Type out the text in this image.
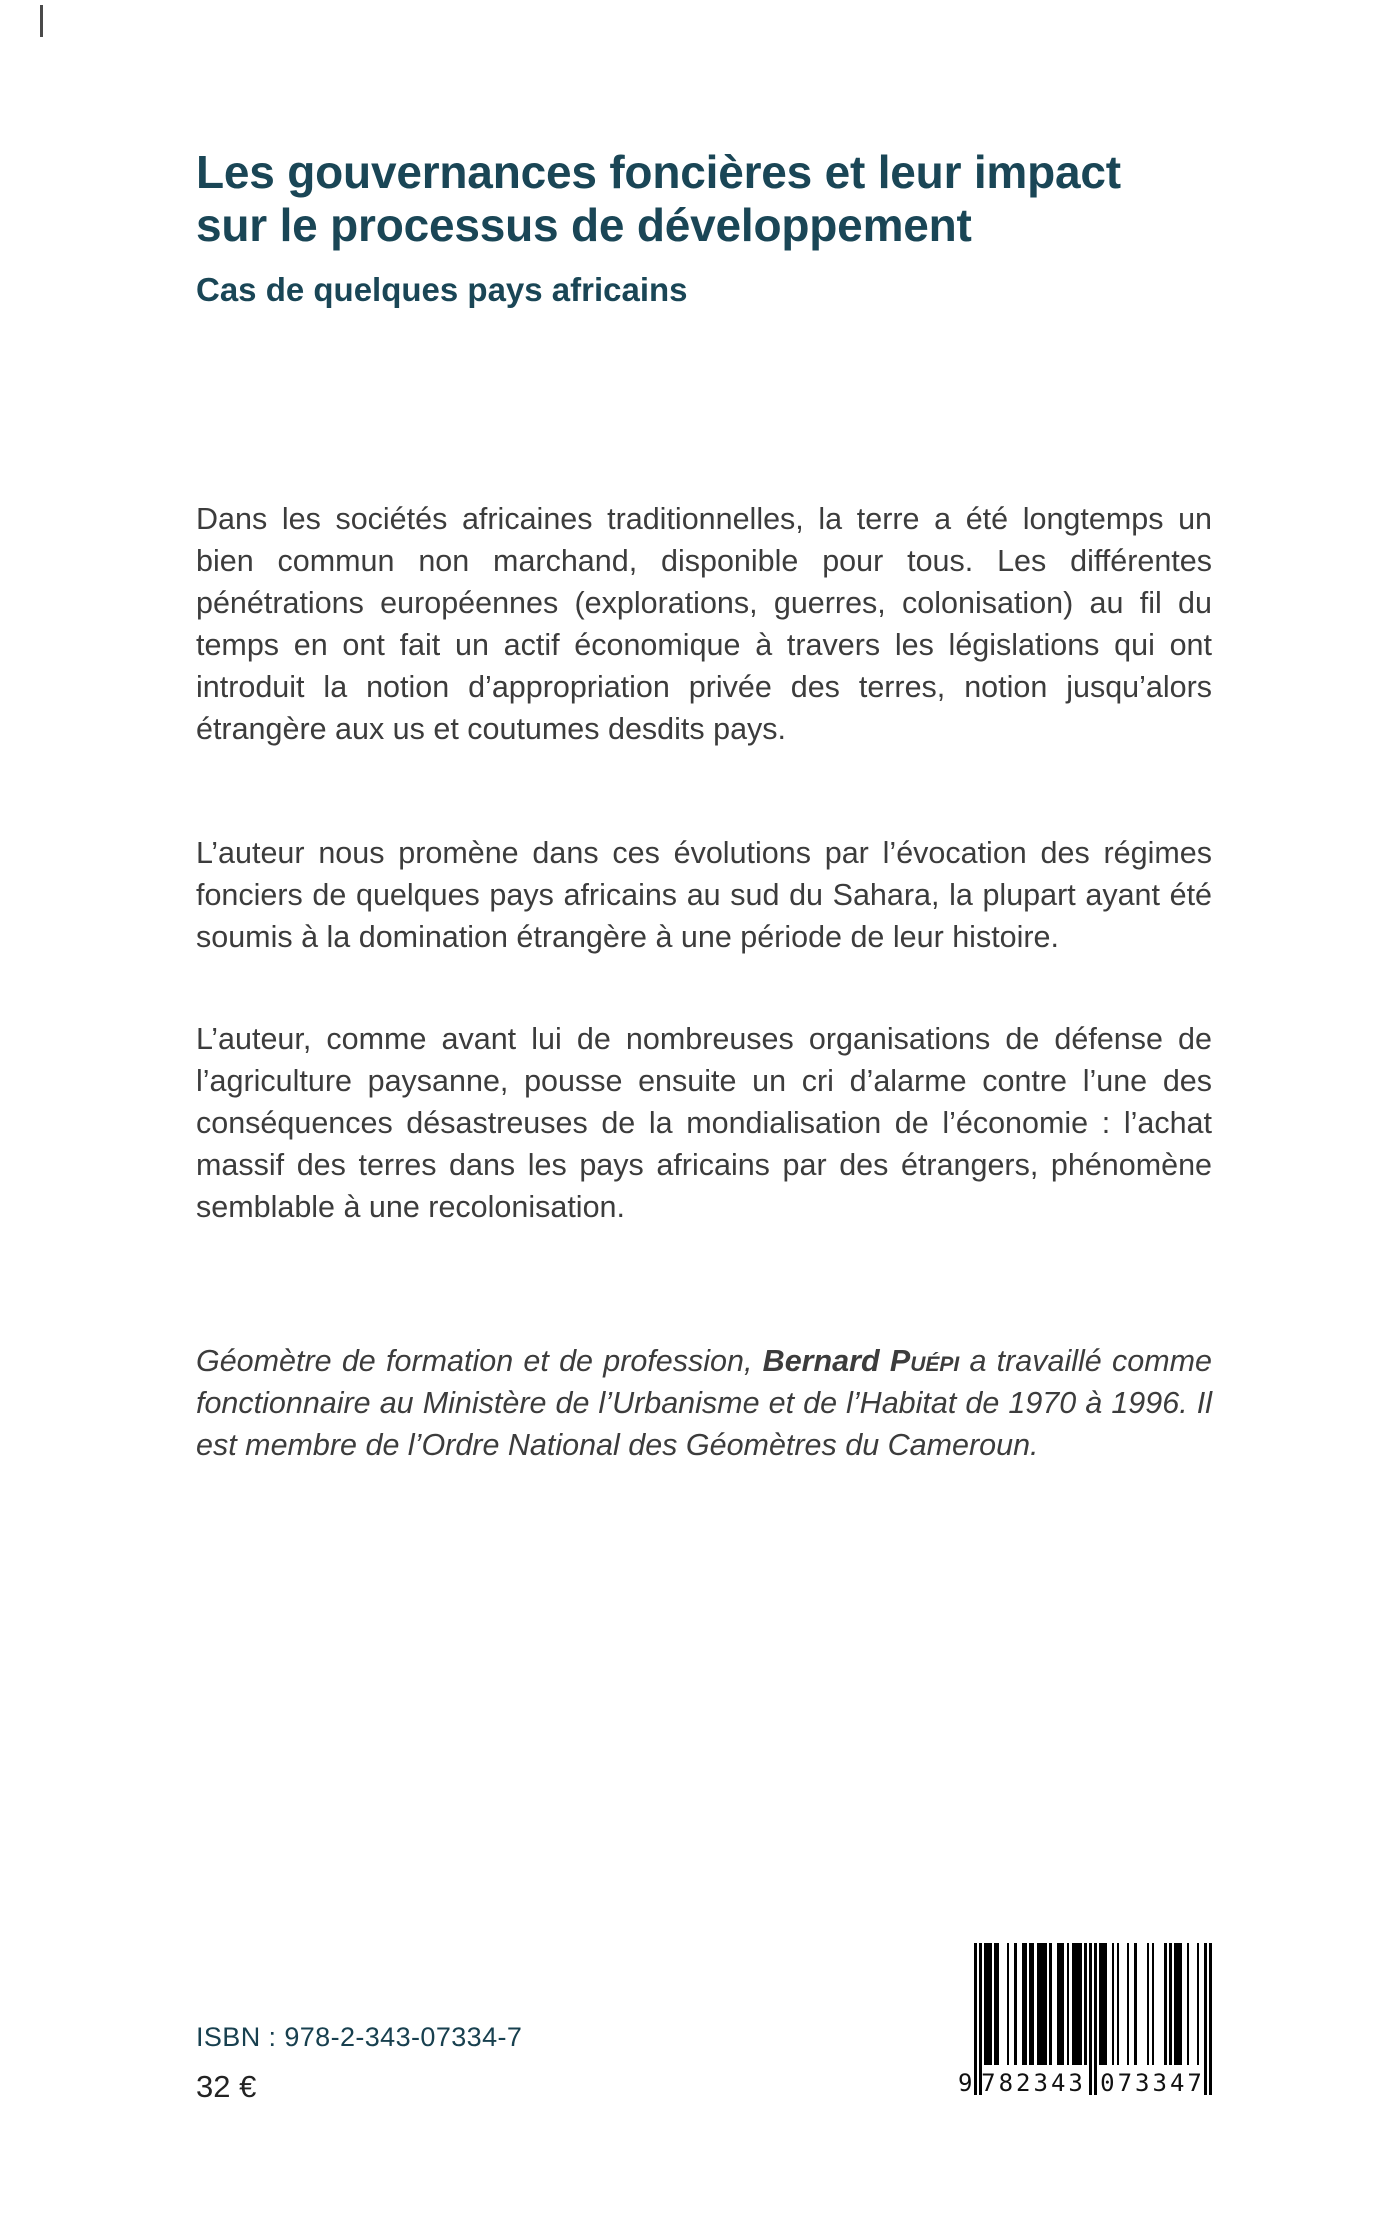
Les gouvernances foncières et leur impact
sur le processus de développement
Cas de quelques pays africains

Dans les sociétés africaines traditionnelles, la terre a été longtemps un bien commun non marchand, disponible pour tous. Les différentes pénétrations européennes (explorations, guerres, colonisation) au fil du temps en ont fait un actif économique à travers les législations qui ont introduit la notion d’appropriation privée des terres, notion jusqu’alors étrangère aux us et coutumes desdits pays.

L’auteur nous promène dans ces évolutions par l’évocation des régimes fonciers de quelques pays africains au sud du Sahara, la plupart ayant été soumis à la domination étrangère à une période de leur histoire.

L’auteur, comme avant lui de nombreuses organisations de défense de l’agriculture paysanne, pousse ensuite un cri d’alarme contre l’une des conséquences désastreuses de la mondialisation de l’économie : l’achat massif des terres dans les pays africains par des étrangers, phénomène semblable à une recolonisation.

Géomètre de formation et de profession, Bernard Puépi a travaillé comme fonctionnaire au Ministère de l’Urbanisme et de l’Habitat de 1970 à 1996. Il est membre de l’Ordre National des Géomètres du Cameroun.

ISBN : 978-2-343-07334-7
32 €	9 782343 073347
